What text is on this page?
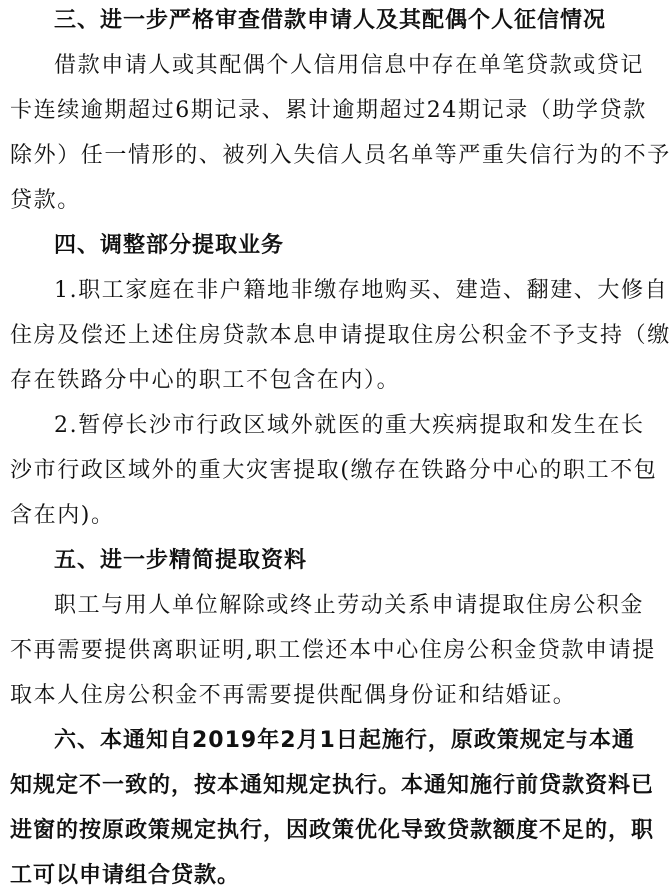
三、进一步严格审查借款申请人及其配偶个人征信情况
借款申请人或其配偶个人信用信息中存在单笔贷款或贷记
卡连续逾期超过6期记录、累计逾期超过24期记录（助学贷款
除外）任一情形的、被列入失信人员名单等严重失信行为的不予
贷款。
四、调整部分提取业务
1.职工家庭在非户籍地非缴存地购买、建造、翻建、大修自
住房及偿还上述住房贷款本息申请提取住房公积金不予支持（缴
存在铁路分中心的职工不包含在内）。
2.暂停长沙市行政区域外就医的重大疾病提取和发生在长
沙市行政区域外的重大灾害提取(缴存在铁路分中心的职工不包
含在内)。
五、进一步精简提取资料
职工与用人单位解除或终止劳动关系申请提取住房公积金
不再需要提供离职证明,职工偿还本中心住房公积金贷款申请提
取本人住房公积金不再需要提供配偶身份证和结婚证。
六、本通知自2019年2月1日起施行，原政策规定与本通
知规定不一致的，按本通知规定执行。本通知施行前贷款资料已
进窗的按原政策规定执行，因政策优化导致贷款额度不足的，职
工可以申请组合贷款。
